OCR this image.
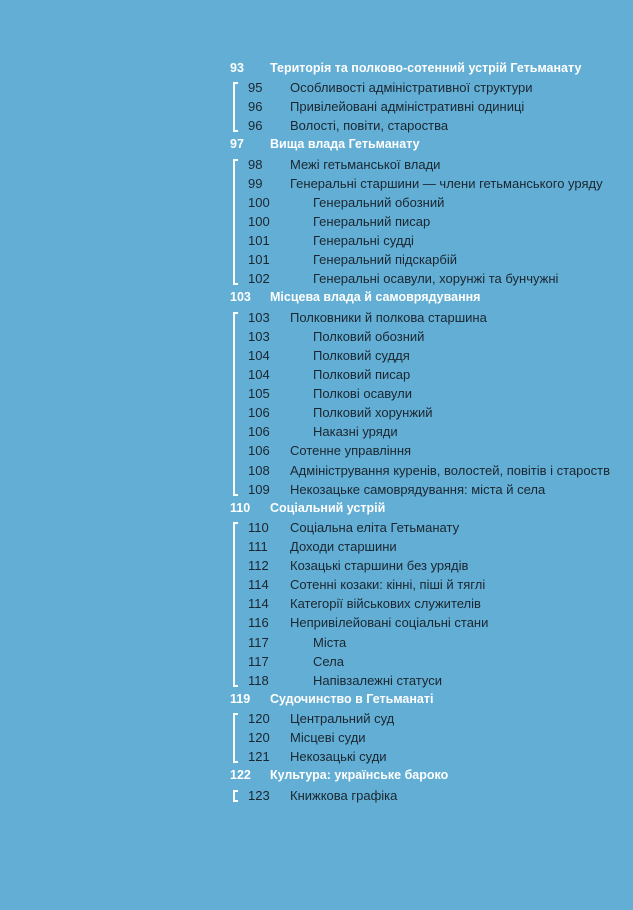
93 Територія та полково-сотенний устрій Гетьманату
95 Особливості адміністративної структури
96 Привілейовані адміністративні одиниці
96 Волості, повіти, староства
97 Вища влада Гетьманату
98 Межі гетьманської влади
99 Генеральні старшини — члени гетьманського уряду
100	Генеральний обозний
100	Генеральний писар
101	Генеральні судді
101	Генеральний підскарбій
102	Генеральні осавули, хорунжі та бунчужні
103 Місцева влада й самоврядування
103 Полковники й полкова старшина
103	Полковий обозний
104	Полковий суддя
104	Полковий писар
105	Полкові осавули
106	Полковий хорунжий
106	Наказні уряди
106 Сотенне управління
108 Адміністрування куренів, волостей, повітів і староств
109 Некозацьке самоврядування: міста й села
110 Соціальний устрій
110 Соціальна еліта Гетьманату
111 Доходи старшини
112 Козацькі старшини без урядів
114 Сотенні козаки: кінні, піші й тяглі
114 Категорії військових служителів
116 Непривілейовані соціальні стани
117	Міста
117	Села
118	Напівзалежні статуси
119 Судочинство в Гетьманаті
120 Центральний суд
120 Місцеві суди
121 Некозацькі суди
122 Культура: українське бароко
123 Книжкова графіка
